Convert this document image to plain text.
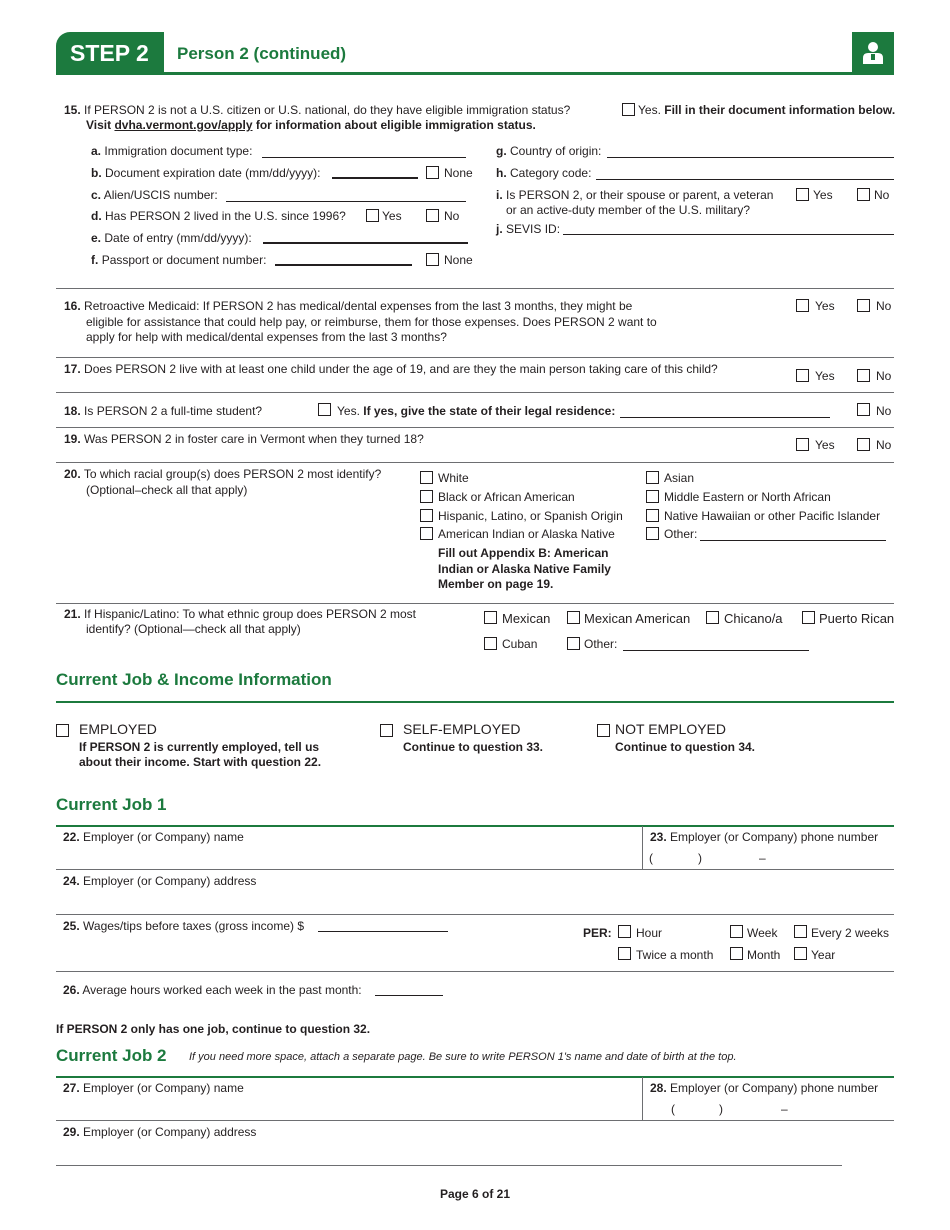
STEP 2 Person 2 (continued)
15. If PERSON 2 is not a U.S. citizen or U.S. national, do they have eligible immigration status?	Yes. Fill in their document information below.
Visit dvha.vermont.gov/apply for information about eligible immigration status.
a. Immigration document type:
b. Document expiration date (mm/dd/yyyy):	None
c. Alien/USCIS number:
d. Has PERSON 2 lived in the U.S. since 1996?	Yes	No
e. Date of entry (mm/dd/yyyy):
f. Passport or document number:	None
g. Country of origin:
h. Category code:
i. Is PERSON 2, or their spouse or parent, a veteran
or an active-duty member of the U.S. military?
Yes	No
j. SEVIS ID:
16. Retroactive Medicaid: If PERSON 2 has medical/dental expenses from the last 3 months, they might be
eligible for assistance that could help pay, or reimburse, them for those expenses. Does PERSON 2 want to
apply for help with medical/dental expenses from the last 3 months?
Yes	No
17. Does PERSON 2 live with at least one child under the age of 19, and are they the main person taking care of this child?	Yes	No
18. Is PERSON 2 a full-time student?	Yes. If yes, give the state of their legal residence:	No
19. Was PERSON 2 in foster care in Vermont when they turned 18?	Yes	No
20. To which racial group(s) does PERSON 2 most identify?
(Optional–check all that apply)
White
Black or African American
Hispanic, Latino, or Spanish Origin
American Indian or Alaska Native
Fill out Appendix B: American
Indian or Alaska Native Family
Member on page 19.
Asian
Middle Eastern or North African
Native Hawaiian or other Pacific Islander
Other:
21. If Hispanic/Latino: To what ethnic group does PERSON 2 most
identify? (Optional—check all that apply)
Mexican	Mexican American	Chicano/a	Puerto Rican
Cuban	Other:
Current Job & Income Information
EMPLOYED
If PERSON 2 is currently employed, tell us
about their income. Start with question 22.
SELF-EMPLOYED
Continue to question 33.
NOT EMPLOYED
Continue to question 34.
Current Job 1
22. Employer (or Company) name	23. Employer (or Company) phone number
(	)	–
24. Employer (or Company) address
25. Wages/tips before taxes (gross income) $	PER: Hour	Week	Every 2 weeks
Twice a month	Month	Year
26. Average hours worked each week in the past month:
If PERSON 2 only has one job, continue to question 32.
Current Job 2 If you need more space, attach a separate page. Be sure to write PERSON 1's name and date of birth at the top.
27. Employer (or Company) name	28. Employer (or Company) phone number
(	)	–
29. Employer (or Company) address
Page 6 of 21
